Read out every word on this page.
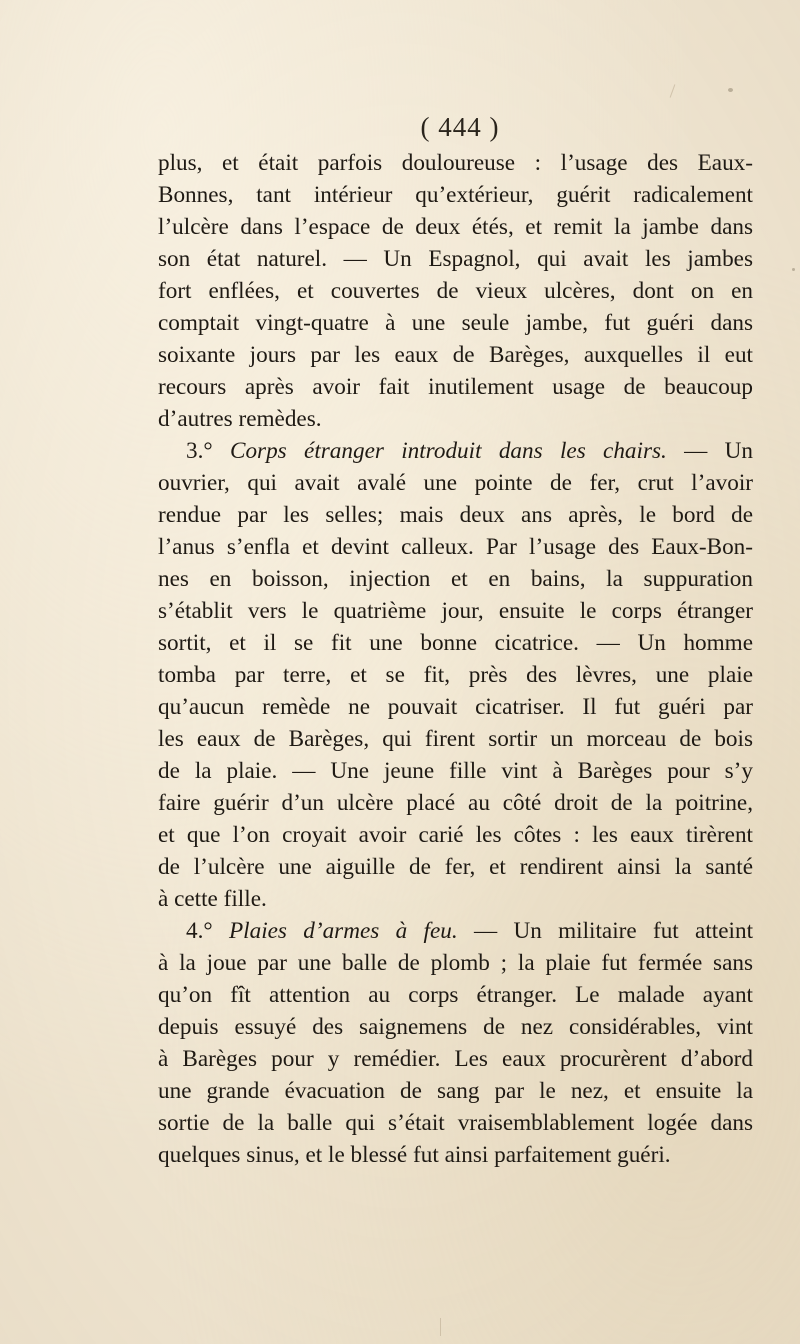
( 444 )
plus, et était parfois douloureuse : l’usage des Eaux-
Bonnes, tant intérieur qu’extérieur, guérit radicalement
l’ulcère dans l’espace de deux étés, et remit la jambe dans
son état naturel. — Un Espagnol, qui avait les jambes
fort enflées, et couvertes de vieux ulcères, dont on en
comptait vingt-quatre à une seule jambe, fut guéri dans
soixante jours par les eaux de Barèges, auxquelles il eut
recours après avoir fait inutilement usage de beaucoup
d’autres remèdes.
3.° Corps étranger introduit dans les chairs. — Un
ouvrier, qui avait avalé une pointe de fer, crut l’avoir
rendue par les selles; mais deux ans après, le bord de
l’anus s’enfla et devint calleux. Par l’usage des Eaux-Bon-
nes en boisson, injection et en bains, la suppuration
s’établit vers le quatrième jour, ensuite le corps étranger
sortit, et il se fit une bonne cicatrice. — Un homme
tomba par terre, et se fit, près des lèvres, une plaie
qu’aucun remède ne pouvait cicatriser. Il fut guéri par
les eaux de Barèges, qui firent sortir un morceau de bois
de la plaie. — Une jeune fille vint à Barèges pour s’y
faire guérir d’un ulcère placé au côté droit de la poitrine,
et que l’on croyait avoir carié les côtes : les eaux tirèrent
de l’ulcère une aiguille de fer, et rendirent ainsi la santé
à cette fille.
4.° Plaies d’armes à feu. — Un militaire fut atteint
à la joue par une balle de plomb ; la plaie fut fermée sans
qu’on fît attention au corps étranger. Le malade ayant
depuis essuyé des saignemens de nez considérables, vint
à Barèges pour y remédier. Les eaux procurèrent d’abord
une grande évacuation de sang par le nez, et ensuite la
sortie de la balle qui s’était vraisemblablement logée dans
quelques sinus, et le blessé fut ainsi parfaitement guéri.
